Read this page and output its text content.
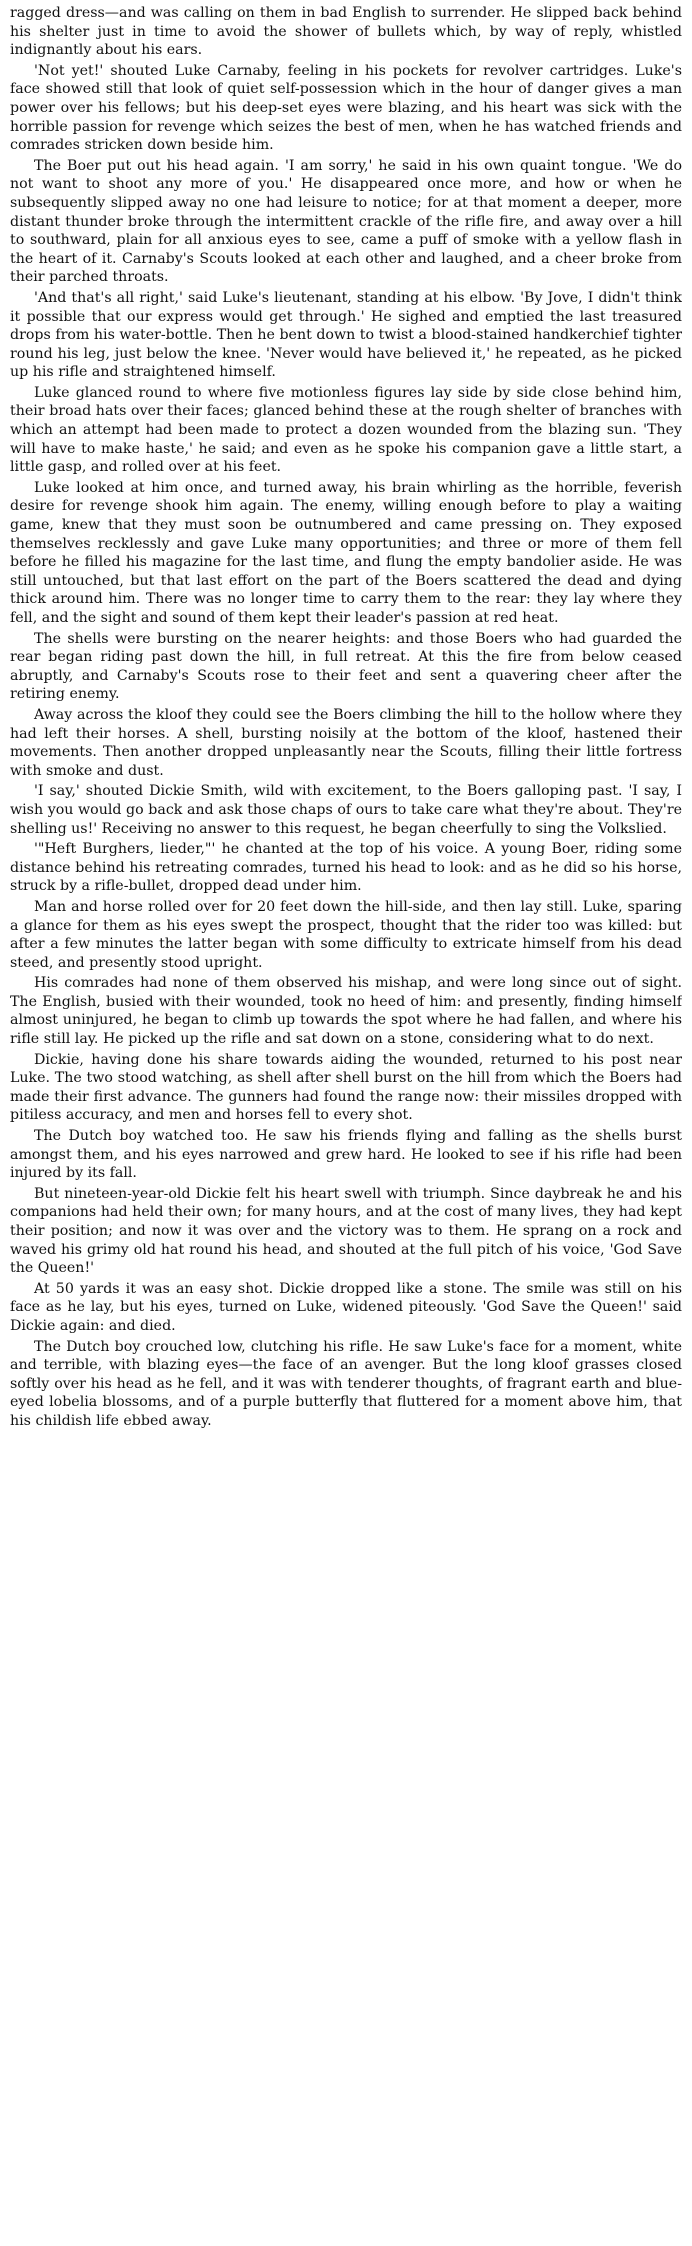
ragged dress—and was calling on them in bad English to surrender. He slipped back behind his shelter just in time to avoid the shower of bullets which, by way of reply, whistled indignantly about his ears.

'Not yet!' shouted Luke Carnaby, feeling in his pockets for revolver cartridges. Luke's face showed still that look of quiet self-possession which in the hour of danger gives a man power over his fellows; but his deep-set eyes were blazing, and his heart was sick with the horrible passion for revenge which seizes the best of men, when he has watched friends and comrades stricken down beside him.

The Boer put out his head again. 'I am sorry,' he said in his own quaint tongue. 'We do not want to shoot any more of you.' He disappeared once more, and how or when he subsequently slipped away no one had leisure to notice; for at that moment a deeper, more distant thunder broke through the intermittent crackle of the rifle fire, and away over a hill to southward, plain for all anxious eyes to see, came a puff of smoke with a yellow flash in the heart of it. Carnaby's Scouts looked at each other and laughed, and a cheer broke from their parched throats.

'And that's all right,' said Luke's lieutenant, standing at his elbow. 'By Jove, I didn't think it possible that our express would get through.' He sighed and emptied the last treasured drops from his water-bottle. Then he bent down to twist a blood-stained handkerchief tighter round his leg, just below the knee. 'Never would have believed it,' he repeated, as he picked up his rifle and straightened himself.

Luke glanced round to where five motionless figures lay side by side close behind him, their broad hats over their faces; glanced behind these at the rough shelter of branches with which an attempt had been made to protect a dozen wounded from the blazing sun. 'They will have to make haste,' he said; and even as he spoke his companion gave a little start, a little gasp, and rolled over at his feet.

Luke looked at him once, and turned away, his brain whirling as the horrible, feverish desire for revenge shook him again. The enemy, willing enough before to play a waiting game, knew that they must soon be outnumbered and came pressing on. They exposed themselves recklessly and gave Luke many opportunities; and three or more of them fell before he filled his magazine for the last time, and flung the empty bandolier aside. He was still untouched, but that last effort on the part of the Boers scattered the dead and dying thick around him. There was no longer time to carry them to the rear: they lay where they fell, and the sight and sound of them kept their leader's passion at red heat.

The shells were bursting on the nearer heights: and those Boers who had guarded the rear began riding past down the hill, in full retreat. At this the fire from below ceased abruptly, and Carnaby's Scouts rose to their feet and sent a quavering cheer after the retiring enemy.

Away across the kloof they could see the Boers climbing the hill to the hollow where they had left their horses. A shell, bursting noisily at the bottom of the kloof, hastened their movements. Then another dropped unpleasantly near the Scouts, filling their little fortress with smoke and dust.

'I say,' shouted Dickie Smith, wild with excitement, to the Boers galloping past. 'I say, I wish you would go back and ask those chaps of ours to take care what they're about. They're shelling us!' Receiving no answer to this request, he began cheerfully to sing the Volkslied.

'"Heft Burghers, lieder,"' he chanted at the top of his voice. A young Boer, riding some distance behind his retreating comrades, turned his head to look: and as he did so his horse, struck by a rifle-bullet, dropped dead under him.

Man and horse rolled over for 20 feet down the hill-side, and then lay still. Luke, sparing a glance for them as his eyes swept the prospect, thought that the rider too was killed: but after a few minutes the latter began with some difficulty to extricate himself from his dead steed, and presently stood upright.

His comrades had none of them observed his mishap, and were long since out of sight. The English, busied with their wounded, took no heed of him: and presently, finding himself almost uninjured, he began to climb up towards the spot where he had fallen, and where his rifle still lay. He picked up the rifle and sat down on a stone, considering what to do next.

Dickie, having done his share towards aiding the wounded, returned to his post near Luke. The two stood watching, as shell after shell burst on the hill from which the Boers had made their first advance. The gunners had found the range now: their missiles dropped with pitiless accuracy, and men and horses fell to every shot.

The Dutch boy watched too. He saw his friends flying and falling as the shells burst amongst them, and his eyes narrowed and grew hard. He looked to see if his rifle had been injured by its fall.

But nineteen-year-old Dickie felt his heart swell with triumph. Since daybreak he and his companions had held their own; for many hours, and at the cost of many lives, they had kept their position; and now it was over and the victory was to them. He sprang on a rock and waved his grimy old hat round his head, and shouted at the full pitch of his voice, 'God Save the Queen!'

At 50 yards it was an easy shot. Dickie dropped like a stone. The smile was still on his face as he lay, but his eyes, turned on Luke, widened piteously. 'God Save the Queen!' said Dickie again: and died.

The Dutch boy crouched low, clutching his rifle. He saw Luke's face for a moment, white and terrible, with blazing eyes—the face of an avenger. But the long kloof grasses closed softly over his head as he fell, and it was with tenderer thoughts, of fragrant earth and blue-eyed lobelia blossoms, and of a purple butterfly that fluttered for a moment above him, that his childish life ebbed away.
